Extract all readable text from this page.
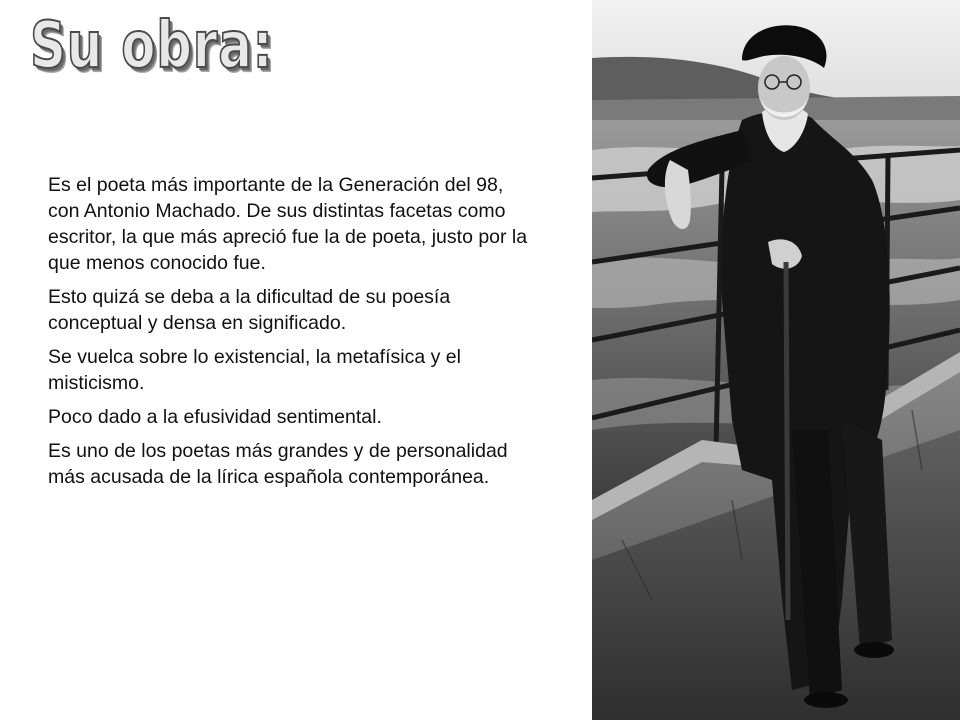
Su obra:

Es el poeta más importante de la Generación del 98, con Antonio Machado. De sus distintas facetas como escritor, la que más apreció fue la de poeta, justo por la que menos conocido fue.

Esto quizá se deba a la dificultad de su poesía conceptual y densa en significado.

Se vuelca sobre lo existencial, la metafísica y el misticismo.

Poco dado a la efusividad sentimental.

Es uno de los poetas más grandes y de personalidad más acusada de la lírica española contemporánea.
